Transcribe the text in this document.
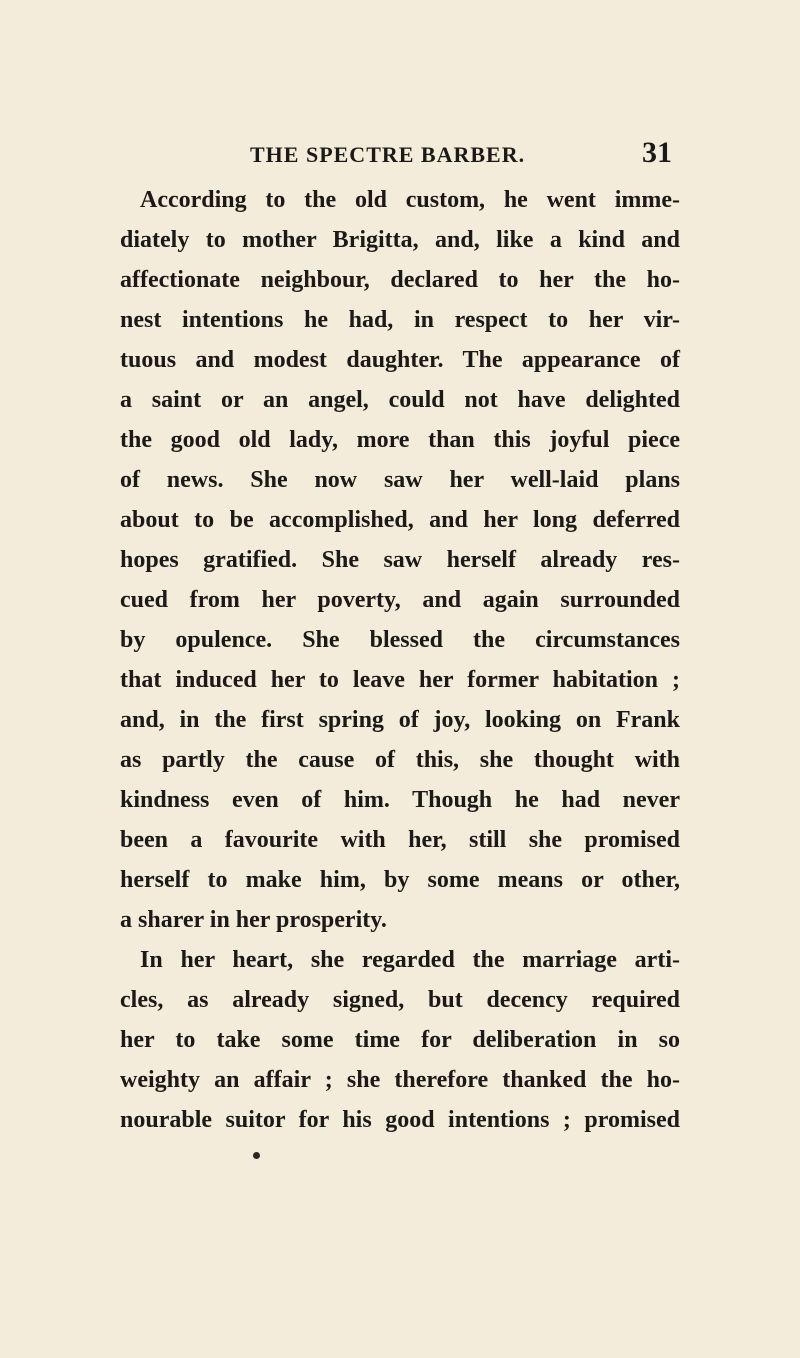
THE SPECTRE BARBER.	31
According to the old custom, he went imme-
diately to mother Brigitta, and, like a kind and
affectionate neighbour, declared to her the ho-
nest intentions he had, in respect to her vir-
tuous and modest daughter. The appearance of
a saint or an angel, could not have delighted
the good old lady, more than this joyful piece
of news. She now saw her well-laid plans
about to be accomplished, and her long deferred
hopes gratified. She saw herself already res-
cued from her poverty, and again surrounded
by opulence. She blessed the circumstances
that induced her to leave her former habitation ;
and, in the first spring of joy, looking on Frank
as partly the cause of this, she thought with
kindness even of him. Though he had never
been a favourite with her, still she promised
herself to make him, by some means or other,
a sharer in her prosperity.
In her heart, she regarded the marriage arti-
cles, as already signed, but decency required
her to take some time for deliberation in so
weighty an affair ; she therefore thanked the ho-
nourable suitor for his good intentions ; promised
